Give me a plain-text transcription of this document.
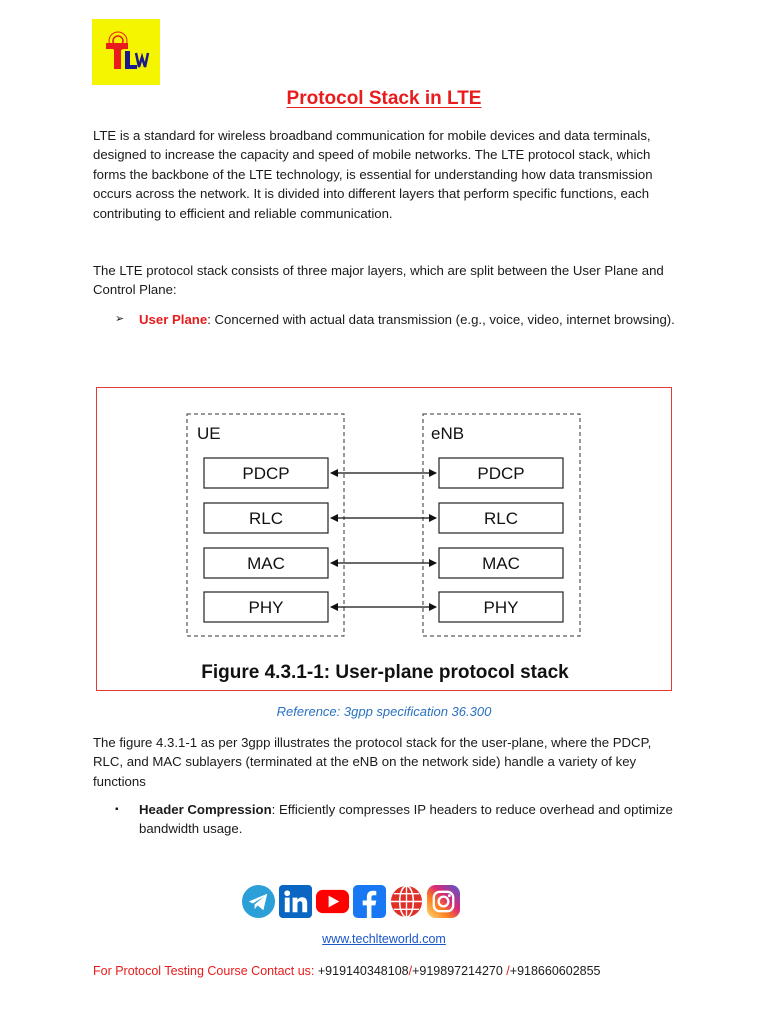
Protocol Stack in LTE

LTE is a standard for wireless broadband communication for mobile devices and data terminals, designed to increase the capacity and speed of mobile networks. The LTE protocol stack, which forms the backbone of the LTE technology, is essential for understanding how data transmission occurs across the network. It is divided into different layers that perform specific functions, each contributing to efficient and reliable communication.

The LTE protocol stack consists of three major layers, which are split between the User Plane and Control Plane:

➢ User Plane: Concerned with actual data transmission (e.g., voice, video, internet browsing).
UE	eNB
PDCP	PDCP
RLC	RLC
MAC	MAC
PHY	PHY
Figure 4.3.1-1: User-plane protocol stack
Reference: 3gpp specification 36.300

The figure 4.3.1-1 as per 3gpp illustrates the protocol stack for the user-plane, where the PDCP, RLC, and MAC sublayers (terminated at the eNB on the network side) handle a variety of key functions

▪ Header Compression: Efficiently compresses IP headers to reduce overhead and optimize bandwidth usage.
www.techlteworld.com
For Protocol Testing Course Contact us: +919140348108/+919897214270 /+918660602855
